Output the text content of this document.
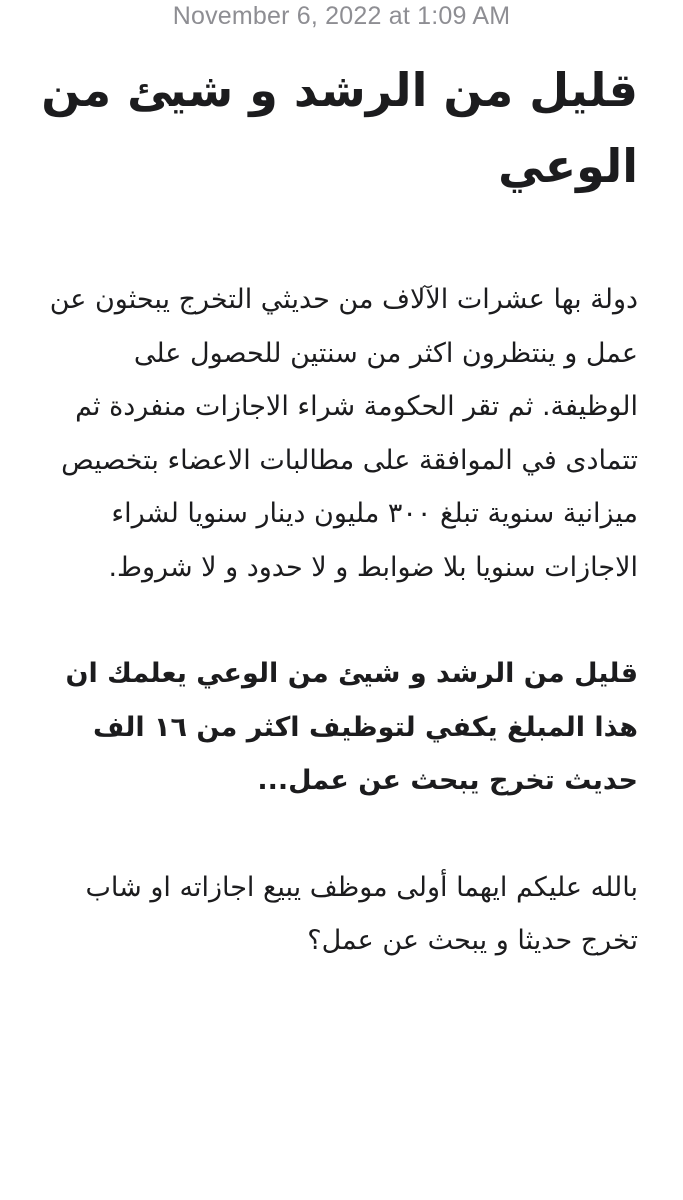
November 6, 2022 at 1:09 AM
قليل من الرشد و شيئ من الوعي

دولة بها عشرات الآلاف من حديثي التخرج يبحثون عن عمل و ينتظرون اكثر من سنتين للحصول على الوظيفة. ثم تقر الحكومة شراء الاجازات منفردة ثم تتمادى في الموافقة على مطالبات الاعضاء بتخصيص ميزانية سنوية تبلغ ٣٠٠ مليون دينار سنويا لشراء الاجازات سنويا بلا ضوابط و لا حدود و لا شروط.

قليل من الرشد و شيئ من الوعي يعلمك ان هذا المبلغ يكفي لتوظيف اكثر من ١٦ الف حديث تخرج يبحث عن عمل...

بالله عليكم ايهما أولى موظف يبيع اجازاته او شاب تخرج حديثا و يبحث عن عمل؟
